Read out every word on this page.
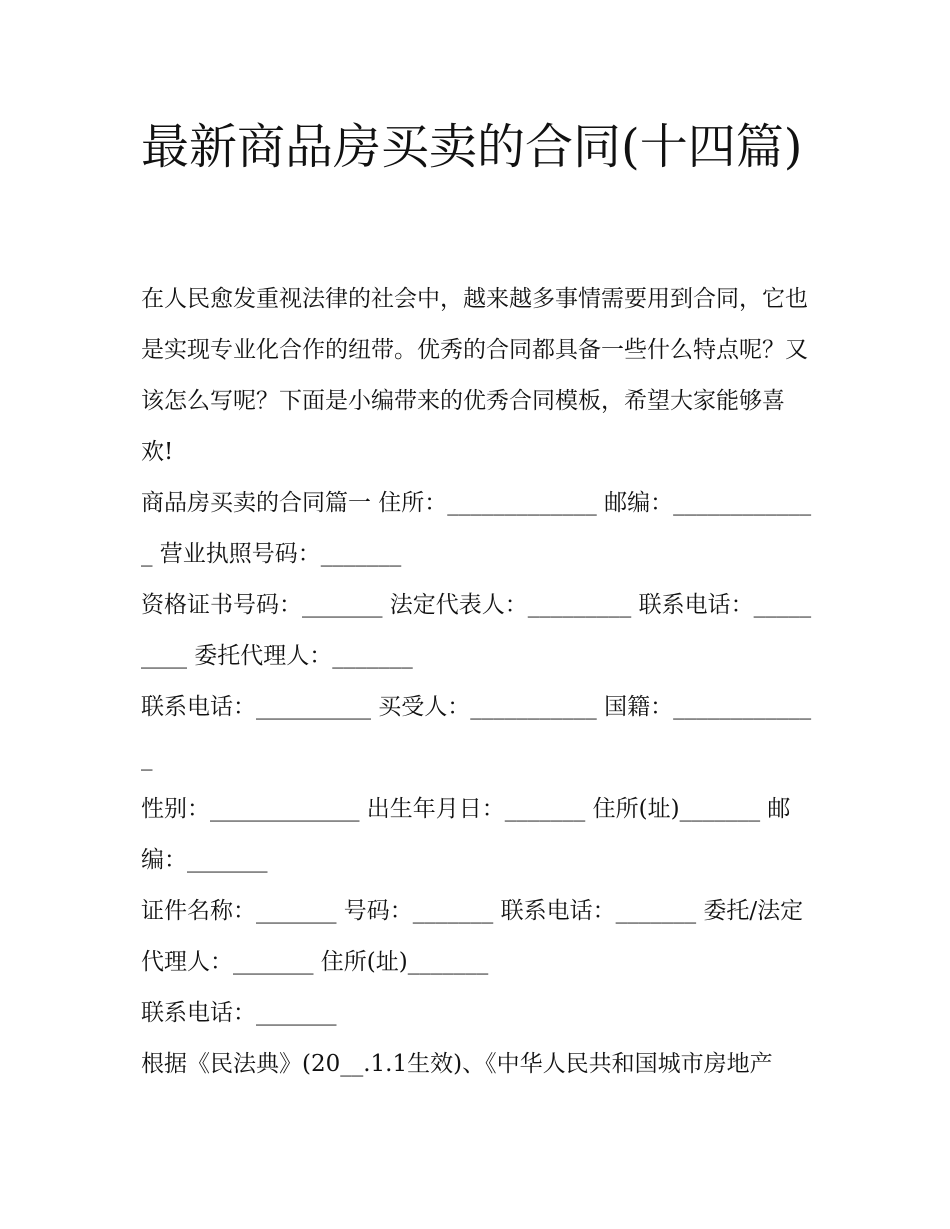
最新商品房买卖的合同(十四篇)

在人民愈发重视法律的社会中，越来越多事情需要用到合同，它也是实现专业化合作的纽带。优秀的合同都具备一些什么特点呢？又该怎么写呢？下面是小编带来的优秀合同模板，希望大家能够喜欢!

商品房买卖的合同篇一 住所：_____________ 邮编：_____________ 营业执照号码：_______

资格证书号码：_______ 法定代表人：_________ 联系电话：_________ 委托代理人：_______

联系电话：__________ 买受人：___________ 国籍：_____________

性别：_____________ 出生年月日：_______ 住所(址)_______ 邮编：_______

证件名称：_______ 号码：_______ 联系电话：_______ 委托/法定代理人：_______ 住所(址)_______

联系电话：_______

根据《民法典》(20__.1.1生效)、《中华人民共和国城市房地产
